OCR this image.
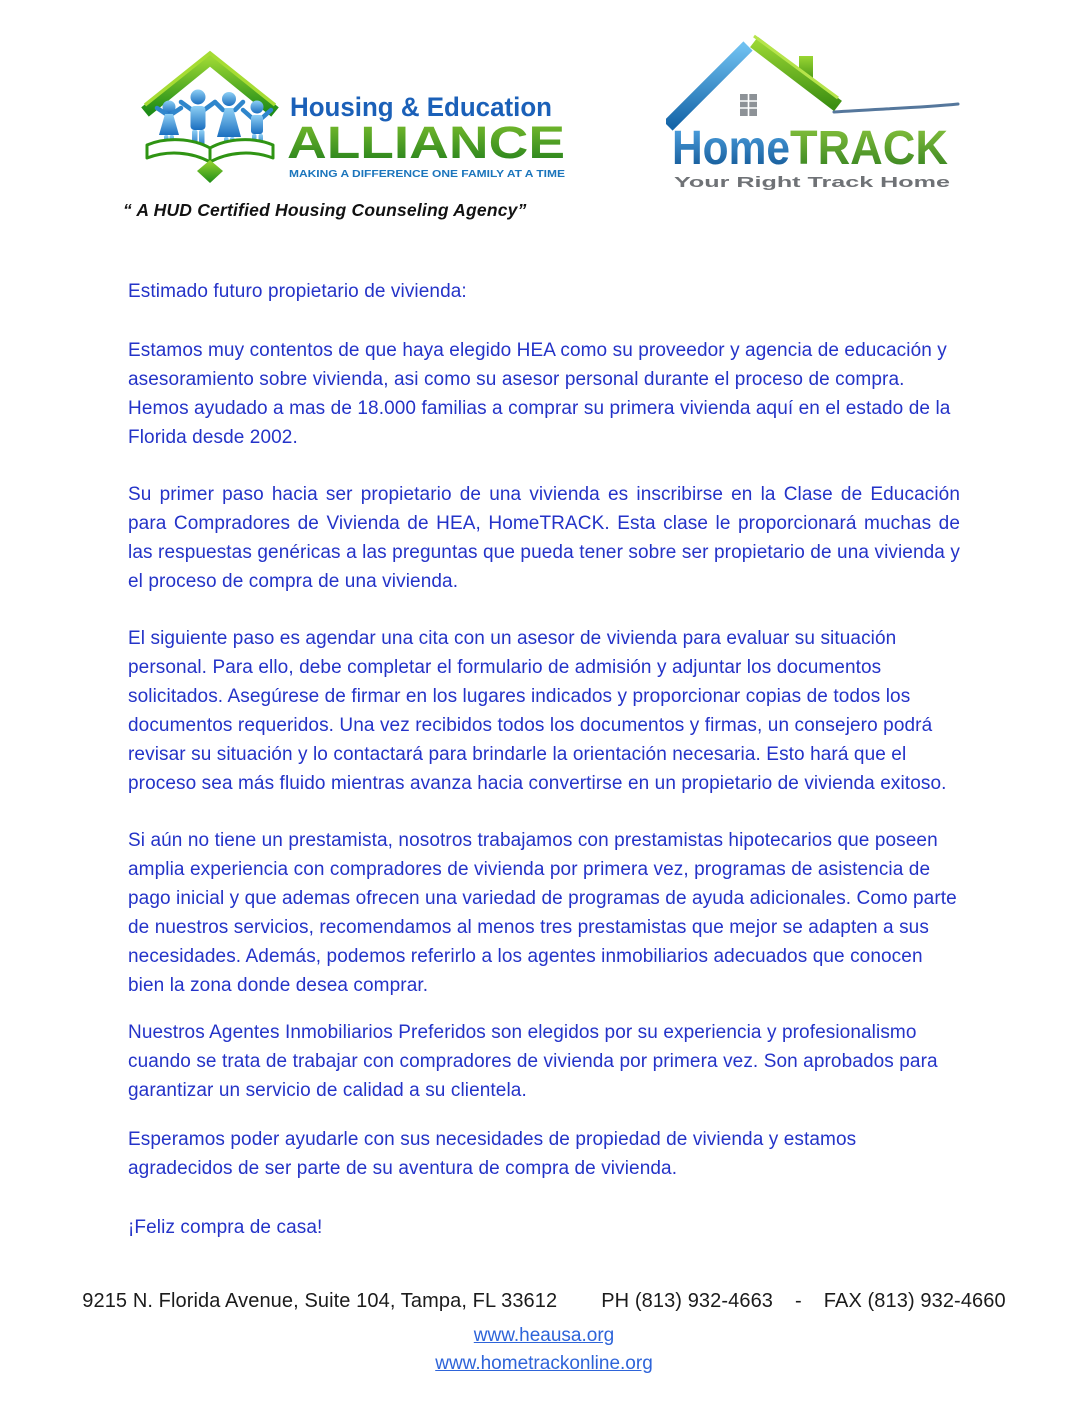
Housing & Education
ALLIANCE
MAKING A DIFFERENCE ONE FAMILY AT A TIME HomeTRACK
Your Right Track Home
“ A HUD Certified Housing Counseling Agency”

Estimado futuro propietario de vivienda:

Estamos muy contentos de que haya elegido HEA como su proveedor y agencia de educación y asesoramiento sobre vivienda, asi como su asesor personal durante el proceso de compra. Hemos ayudado a mas de 18.000 familias a comprar su primera vivienda aquí en el estado de la Florida desde 2002.

Su primer paso hacia ser propietario de una vivienda es inscribirse en la Clase de Educación para Compradores de Vivienda de HEA, HomeTRACK. Esta clase le proporcionará muchas de las respuestas genéricas a las preguntas que pueda tener sobre ser propietario de una vivienda y el proceso de compra de una vivienda.

El siguiente paso es agendar una cita con un asesor de vivienda para evaluar su situación personal. Para ello, debe completar el formulario de admisión y adjuntar los documentos solicitados. Asegúrese de firmar en los lugares indicados y proporcionar copias de todos los documentos requeridos. Una vez recibidos todos los documentos y firmas, un consejero podrá revisar su situación y lo contactará para brindarle la orientación necesaria. Esto hará que el proceso sea más fluido mientras avanza hacia convertirse en un propietario de vivienda exitoso.

Si aún no tiene un prestamista, nosotros trabajamos con prestamistas hipotecarios que poseen amplia experiencia con compradores de vivienda por primera vez, programas de asistencia de pago inicial y que ademas ofrecen una variedad de programas de ayuda adicionales. Como parte de nuestros servicios, recomendamos al menos tres prestamistas que mejor se adapten a sus necesidades. Además, podemos referirlo a los agentes inmobiliarios adecuados que conocen bien la zona donde desea comprar.

Nuestros Agentes Inmobiliarios Preferidos son elegidos por su experiencia y profesionalismo cuando se trata de trabajar con compradores de vivienda por primera vez. Son aprobados para garantizar un servicio de calidad a su clientela.

Esperamos poder ayudarle con sus necesidades de propiedad de vivienda y estamos agradecidos de ser parte de su aventura de compra de vivienda.

¡Feliz compra de casa!

9215 N. Florida Avenue, Suite 104, Tampa, FL 33612 PH (813) 932-4663 - FAX (813) 932-4660
www.heausa.org
www.hometrackonline.org
